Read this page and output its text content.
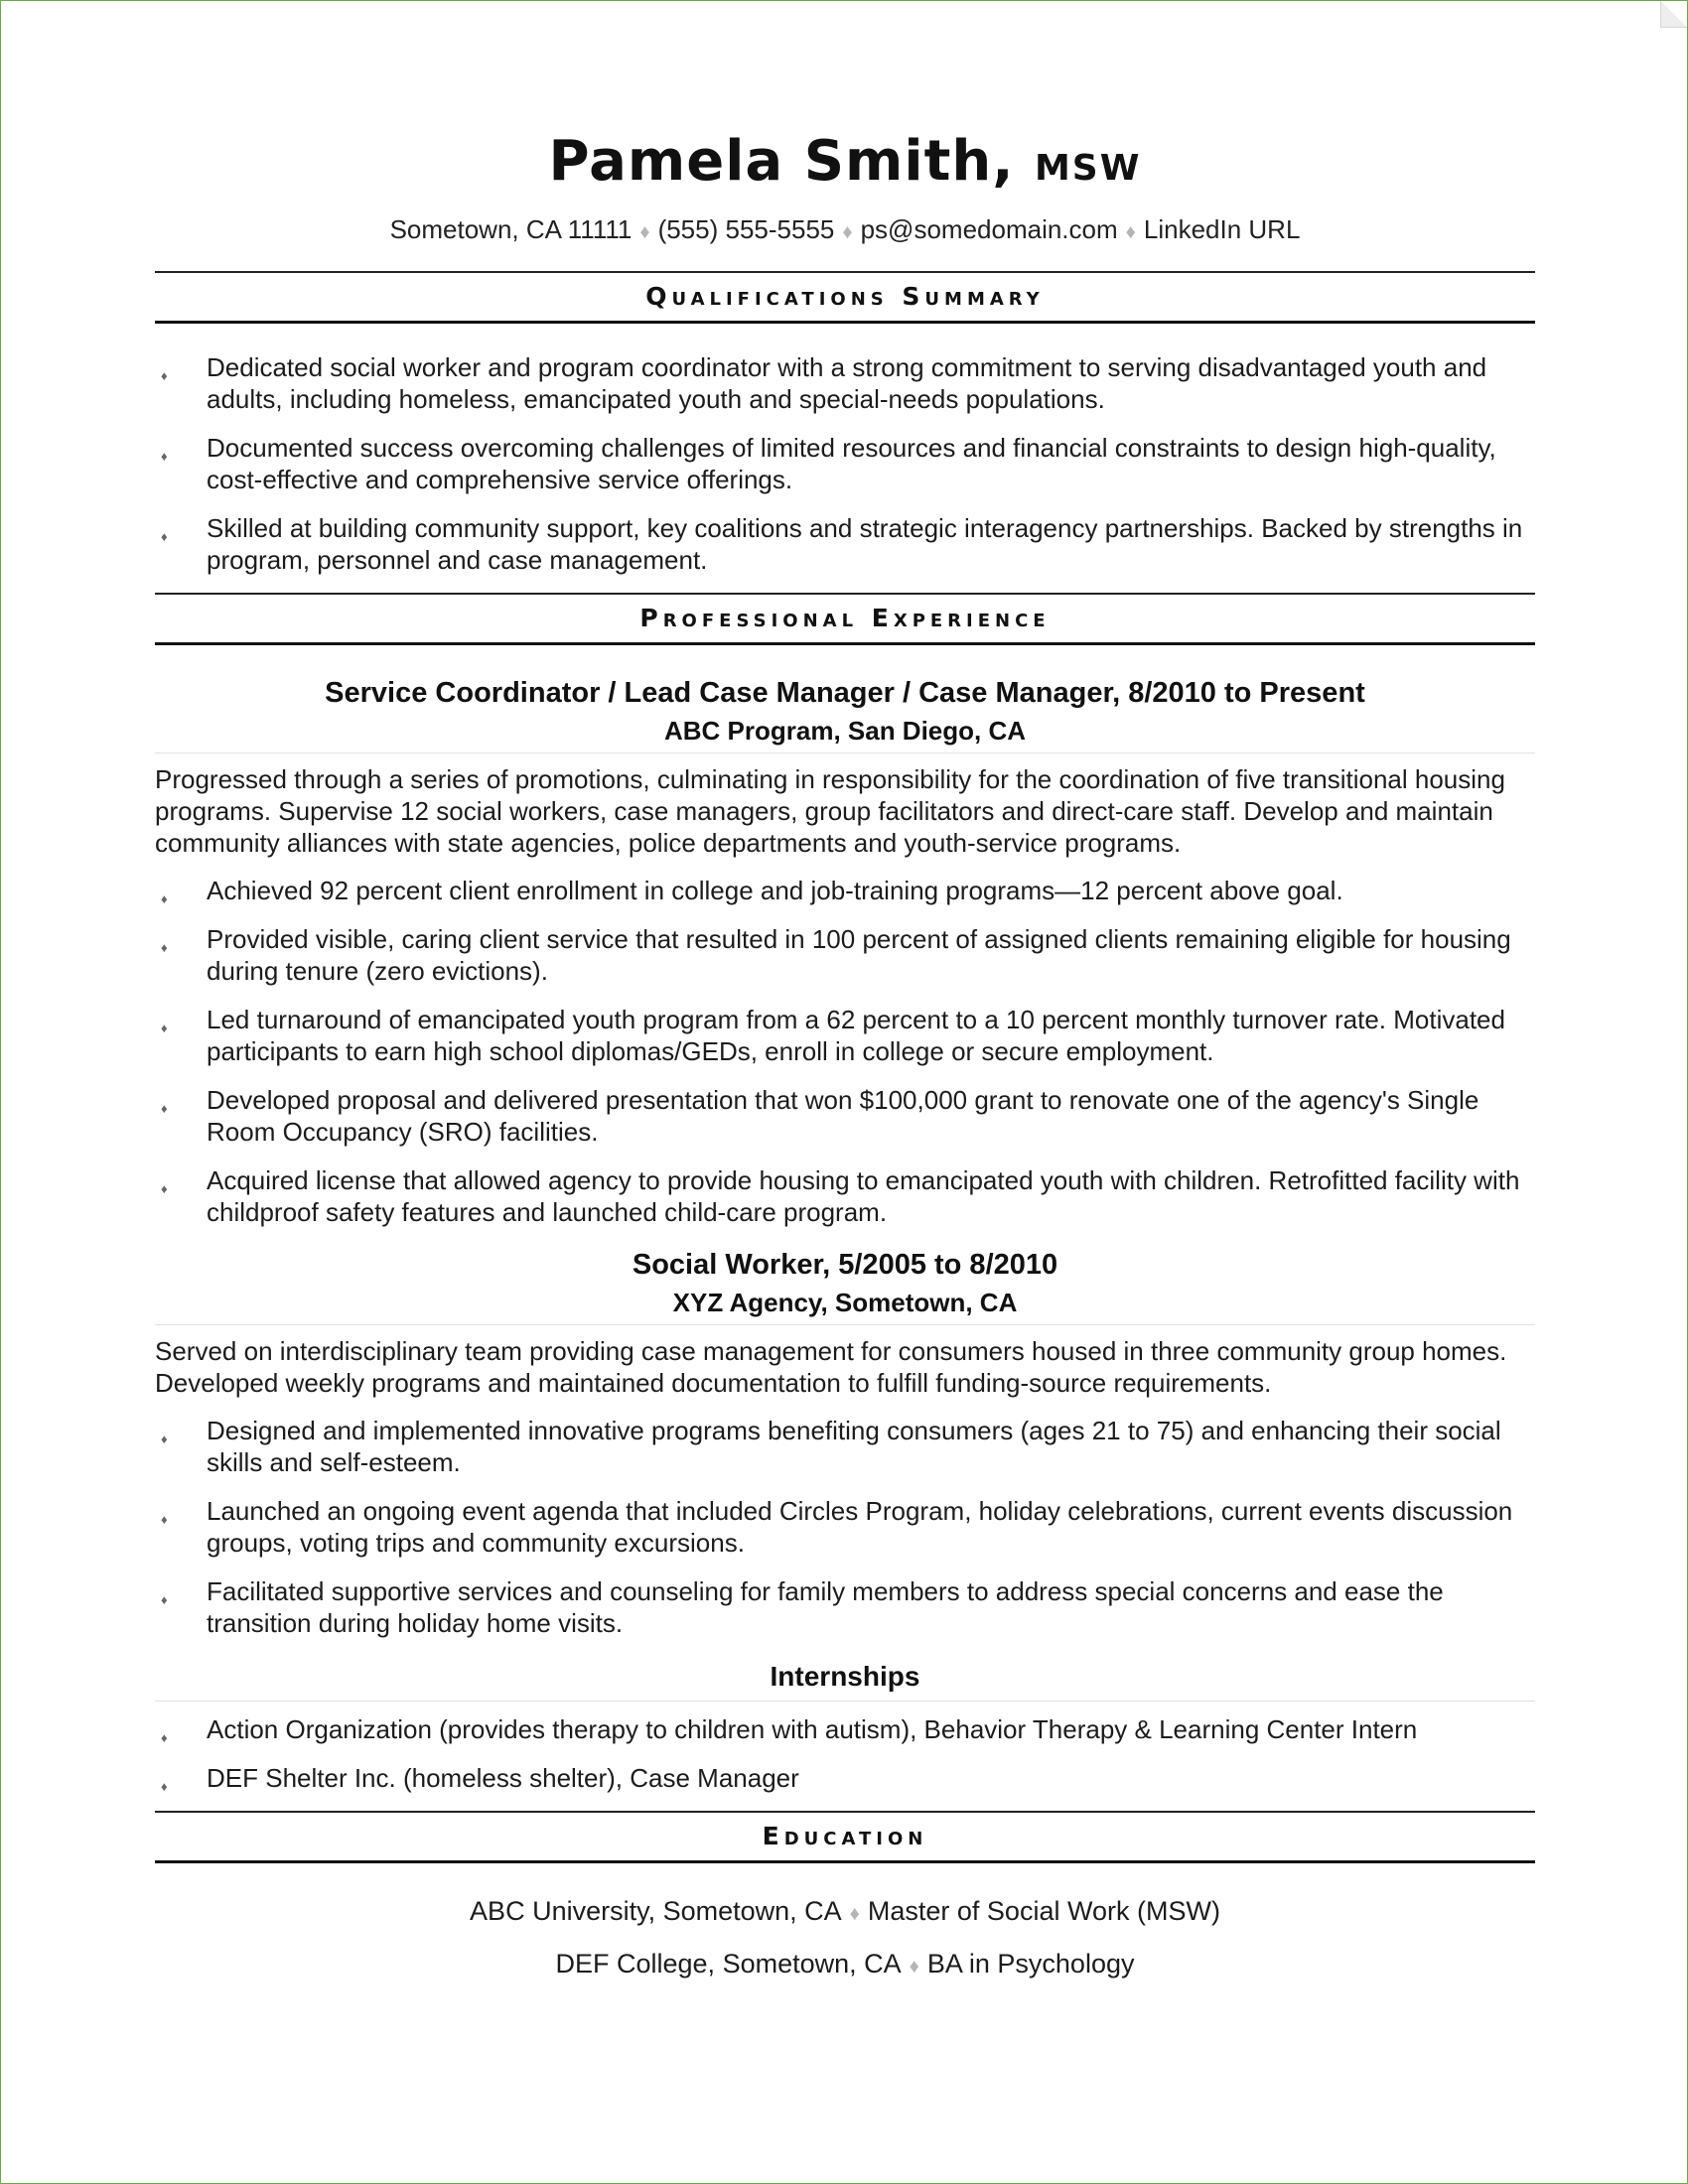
Pamela Smith, MSW
Sometown, CA 11111 ♦ (555) 555-5555 ♦ ps@somedomain.com ♦ LinkedIn URL
Qualifications Summary
♦ Dedicated social worker and program coordinator with a strong commitment to serving disadvantaged youth and adults, including homeless, emancipated youth and special-needs populations.
♦ Documented success overcoming challenges of limited resources and financial constraints to design high-quality, cost-effective and comprehensive service offerings.
♦ Skilled at building community support, key coalitions and strategic interagency partnerships. Backed by strengths in program, personnel and case management.
Professional Experience
Service Coordinator / Lead Case Manager / Case Manager, 8/2010 to Present
ABC Program, San Diego, CA
Progressed through a series of promotions, culminating in responsibility for the coordination of five transitional housing programs. Supervise 12 social workers, case managers, group facilitators and direct-care staff. Develop and maintain community alliances with state agencies, police departments and youth-service programs.
♦ Achieved 92 percent client enrollment in college and job-training programs—12 percent above goal.
♦ Provided visible, caring client service that resulted in 100 percent of assigned clients remaining eligible for housing during tenure (zero evictions).
♦ Led turnaround of emancipated youth program from a 62 percent to a 10 percent monthly turnover rate. Motivated participants to earn high school diplomas/GEDs, enroll in college or secure employment.
♦ Developed proposal and delivered presentation that won $100,000 grant to renovate one of the agency's Single Room Occupancy (SRO) facilities.
♦ Acquired license that allowed agency to provide housing to emancipated youth with children. Retrofitted facility with childproof safety features and launched child-care program.
Social Worker, 5/2005 to 8/2010
XYZ Agency, Sometown, CA
Served on interdisciplinary team providing case management for consumers housed in three community group homes. Developed weekly programs and maintained documentation to fulfill funding-source requirements.
♦ Designed and implemented innovative programs benefiting consumers (ages 21 to 75) and enhancing their social skills and self-esteem.
♦ Launched an ongoing event agenda that included Circles Program, holiday celebrations, current events discussion groups, voting trips and community excursions.
♦ Facilitated supportive services and counseling for family members to address special concerns and ease the transition during holiday home visits.
Internships
♦ Action Organization (provides therapy to children with autism), Behavior Therapy & Learning Center Intern
♦ DEF Shelter Inc. (homeless shelter), Case Manager
Education
ABC University, Sometown, CA ♦ Master of Social Work (MSW)
DEF College, Sometown, CA ♦ BA in Psychology
